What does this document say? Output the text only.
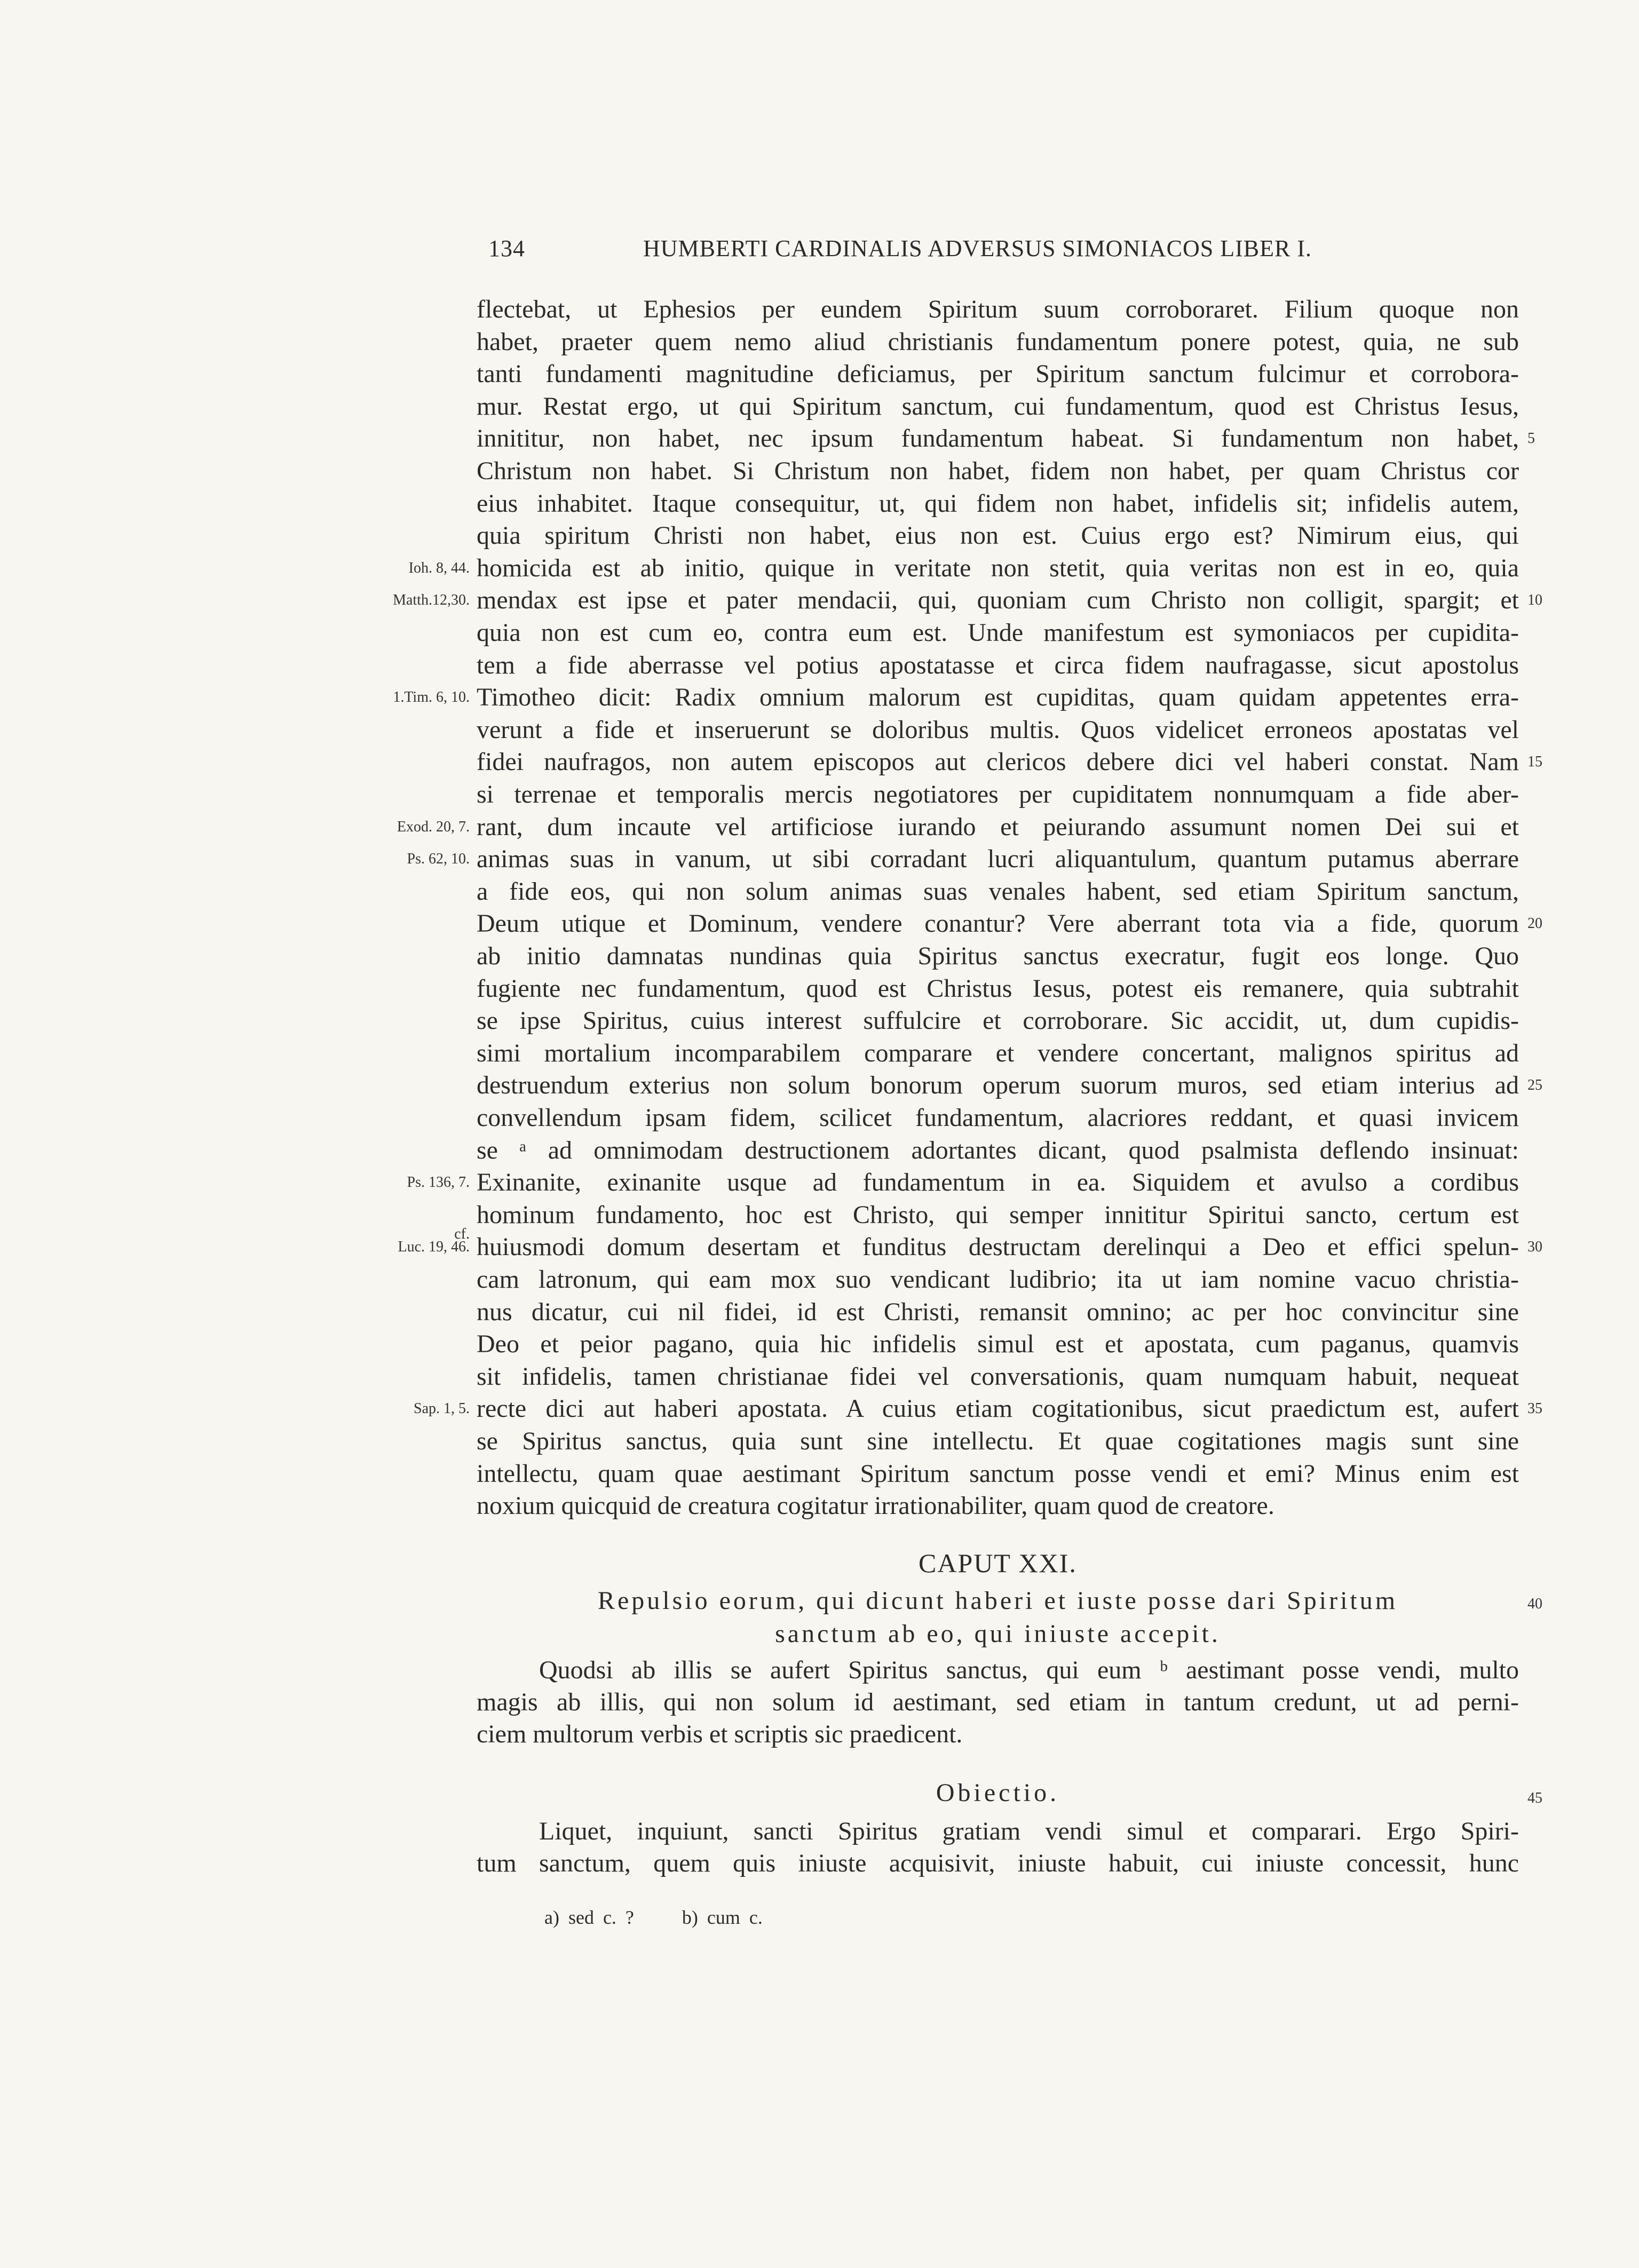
134	HUMBERTI CARDINALIS ADVERSUS SIMONIACOS LIBER I.
flectebat, ut Ephesios per eundem Spiritum suum corroboraret. Filium quoque non
habet, praeter quem nemo aliud christianis fundamentum ponere potest, quia, ne sub
tanti fundamenti magnitudine deficiamus, per Spiritum sanctum fulcimur et corrobora-
mur. Restat ergo, ut qui Spiritum sanctum, cui fundamentum, quod est Christus Iesus,
innititur, non habet, nec ipsum fundamentum habeat. Si fundamentum non habet, 5
Christum non habet. Si Christum non habet, fidem non habet, per quam Christus cor
eius inhabitet. Itaque consequitur, ut, qui fidem non habet, infidelis sit; infidelis autem,
quia spiritum Christi non habet, eius non est. Cuius ergo est? Nimirum eius, qui
homicida est ab initio, quique in veritate non stetit, quia veritas non est in eo, quia
Ioh. 8, 44.
mendax est ipse et pater mendacii, qui, quoniam cum Christo non colligit, spargit; et 10
Matth.12,30.
quia non est cum eo, contra eum est. Unde manifestum est symoniacos per cupidita-
tem a fide aberrasse vel potius apostatasse et circa fidem naufragasse, sicut apostolus
Timotheo dicit: Radix omnium malorum est cupiditas, quam quidam appetentes erra-
1.Tim. 6, 10.
verunt a fide et inseruerunt se doloribus multis. Quos videlicet erroneos apostatas vel
fidei naufragos, non autem episcopos aut clericos debere dici vel haberi constat. Nam 15
si terrenae et temporalis mercis negotiatores per cupiditatem nonnumquam a fide aber-
rant, dum incaute vel artificiose iurando et peiurando assumunt nomen Dei sui et
Exod. 20, 7.
animas suas in vanum, ut sibi corradant lucri aliquantulum, quantum putamus aberrare
Ps. 62, 10.
a fide eos, qui non solum animas suas venales habent, sed etiam Spiritum sanctum,
Deum utique et Dominum, vendere conantur? Vere aberrant tota via a fide, quorum 20
ab initio damnatas nundinas quia Spiritus sanctus execratur, fugit eos longe. Quo
fugiente nec fundamentum, quod est Christus Iesus, potest eis remanere, quia subtrahit
se ipse Spiritus, cuius interest suffulcire et corroborare. Sic accidit, ut, dum cupidis-
simi mortalium incomparabilem comparare et vendere concertant, malignos spiritus ad
destruendum exterius non solum bonorum operum suorum muros, sed etiam interius ad 25
convellendum ipsam fidem, scilicet fundamentum, alacriores reddant, et quasi invicem
se ᵃ ad omnimodam destructionem adortantes dicant, quod psalmista deflendo insinuat:
Exinanite, exinanite usque ad fundamentum in ea. Siquidem et avulso a cordibus
Ps. 136, 7.
hominum fundamento, hoc est Christo, qui semper innititur Spiritui sancto, certum est
huiusmodi domum desertam et funditus destructam derelinqui a Deo et effici spelun- 30
Luc. 19, 46.
cam latronum, qui eam mox suo vendicant ludibrio; ita ut iam nomine vacuo christia-
nus dicatur, cui nil fidei, id est Christi, remansit omnino; ac per hoc convincitur sine
Deo et peior pagano, quia hic infidelis simul est et apostata, cum paganus, quamvis
sit infidelis, tamen christianae fidei vel conversationis, quam numquam habuit, nequeat
recte dici aut haberi apostata. A cuius etiam cogitationibus, sicut praedictum est, aufert 35
Sap. 1, 5.
se Spiritus sanctus, quia sunt sine intellectu. Et quae cogitationes magis sunt sine
intellectu, quam quae aestimant Spiritum sanctum posse vendi et emi? Minus enim est
noxium quicquid de creatura cogitatur irrationabiliter, quam quod de creatore.
cf.
CAPUT XXI.
Repulsio eorum, qui dicunt haberi et iuste posse dari Spiritum	40
sanctum ab eo, qui iniuste accepit.
Quodsi ab illis se aufert Spiritus sanctus, qui eum ᵇ aestimant posse vendi, multo
magis ab illis, qui non solum id aestimant, sed etiam in tantum credunt, ut ad perni-
ciem multorum verbis et scriptis sic praedicent.
Obiectio.	45
Liquet, inquiunt, sancti Spiritus gratiam vendi simul et comparari. Ergo Spiri-
tum sanctum, quem quis iniuste acquisivit, iniuste habuit, cui iniuste concessit, hunc
a) sed c. ?	b) cum c.
